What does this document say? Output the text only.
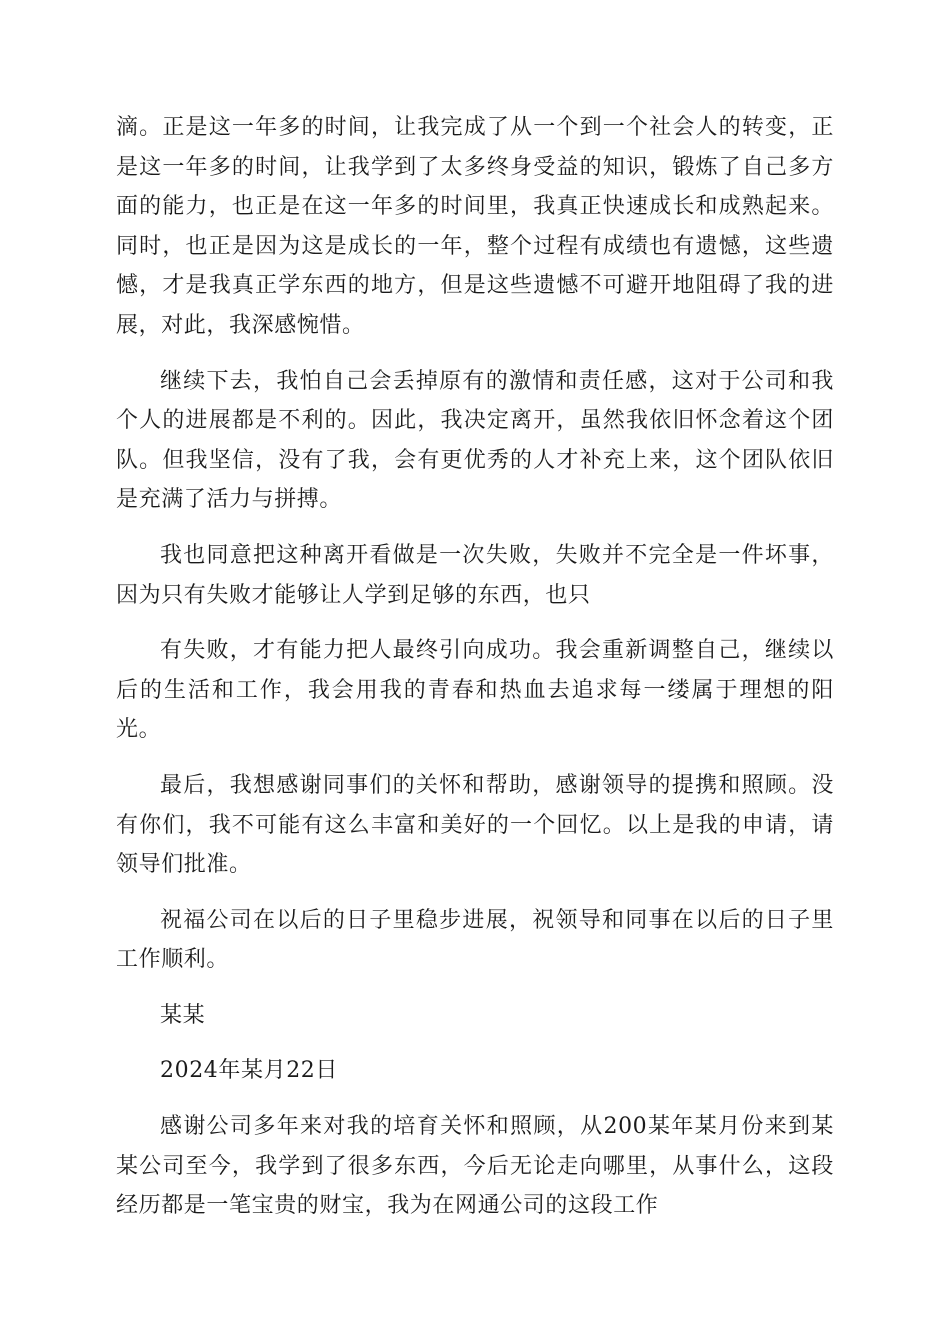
滴。正是这一年多的时间，让我完成了从一个到一个社会人的转变，正是这一年多的时间，让我学到了太多终身受益的知识，锻炼了自己多方面的能力，也正是在这一年多的时间里，我真正快速成长和成熟起来。同时，也正是因为这是成长的一年，整个过程有成绩也有遗憾，这些遗憾，才是我真正学东西的地方，但是这些遗憾不可避开地阻碍了我的进展，对此，我深感惋惜。

继续下去，我怕自己会丢掉原有的激情和责任感，这对于公司和我个人的进展都是不利的。因此，我决定离开，虽然我依旧怀念着这个团队。但我坚信，没有了我，会有更优秀的人才补充上来，这个团队依旧是充满了活力与拼搏。

我也同意把这种离开看做是一次失败，失败并不完全是一件坏事，因为只有失败才能够让人学到足够的东西，也只

有失败，才有能力把人最终引向成功。我会重新调整自己，继续以后的生活和工作，我会用我的青春和热血去追求每一缕属于理想的阳光。

最后，我想感谢同事们的关怀和帮助，感谢领导的提携和照顾。没有你们，我不可能有这么丰富和美好的一个回忆。以上是我的申请，请领导们批准。

祝福公司在以后的日子里稳步进展，祝领导和同事在以后的日子里工作顺利。

某某

2024年某月22日

感谢公司多年来对我的培育关怀和照顾，从200某年某月份来到某某公司至今，我学到了很多东西，今后无论走向哪里，从事什么，这段经历都是一笔宝贵的财宝，我为在网通公司的这段工作
